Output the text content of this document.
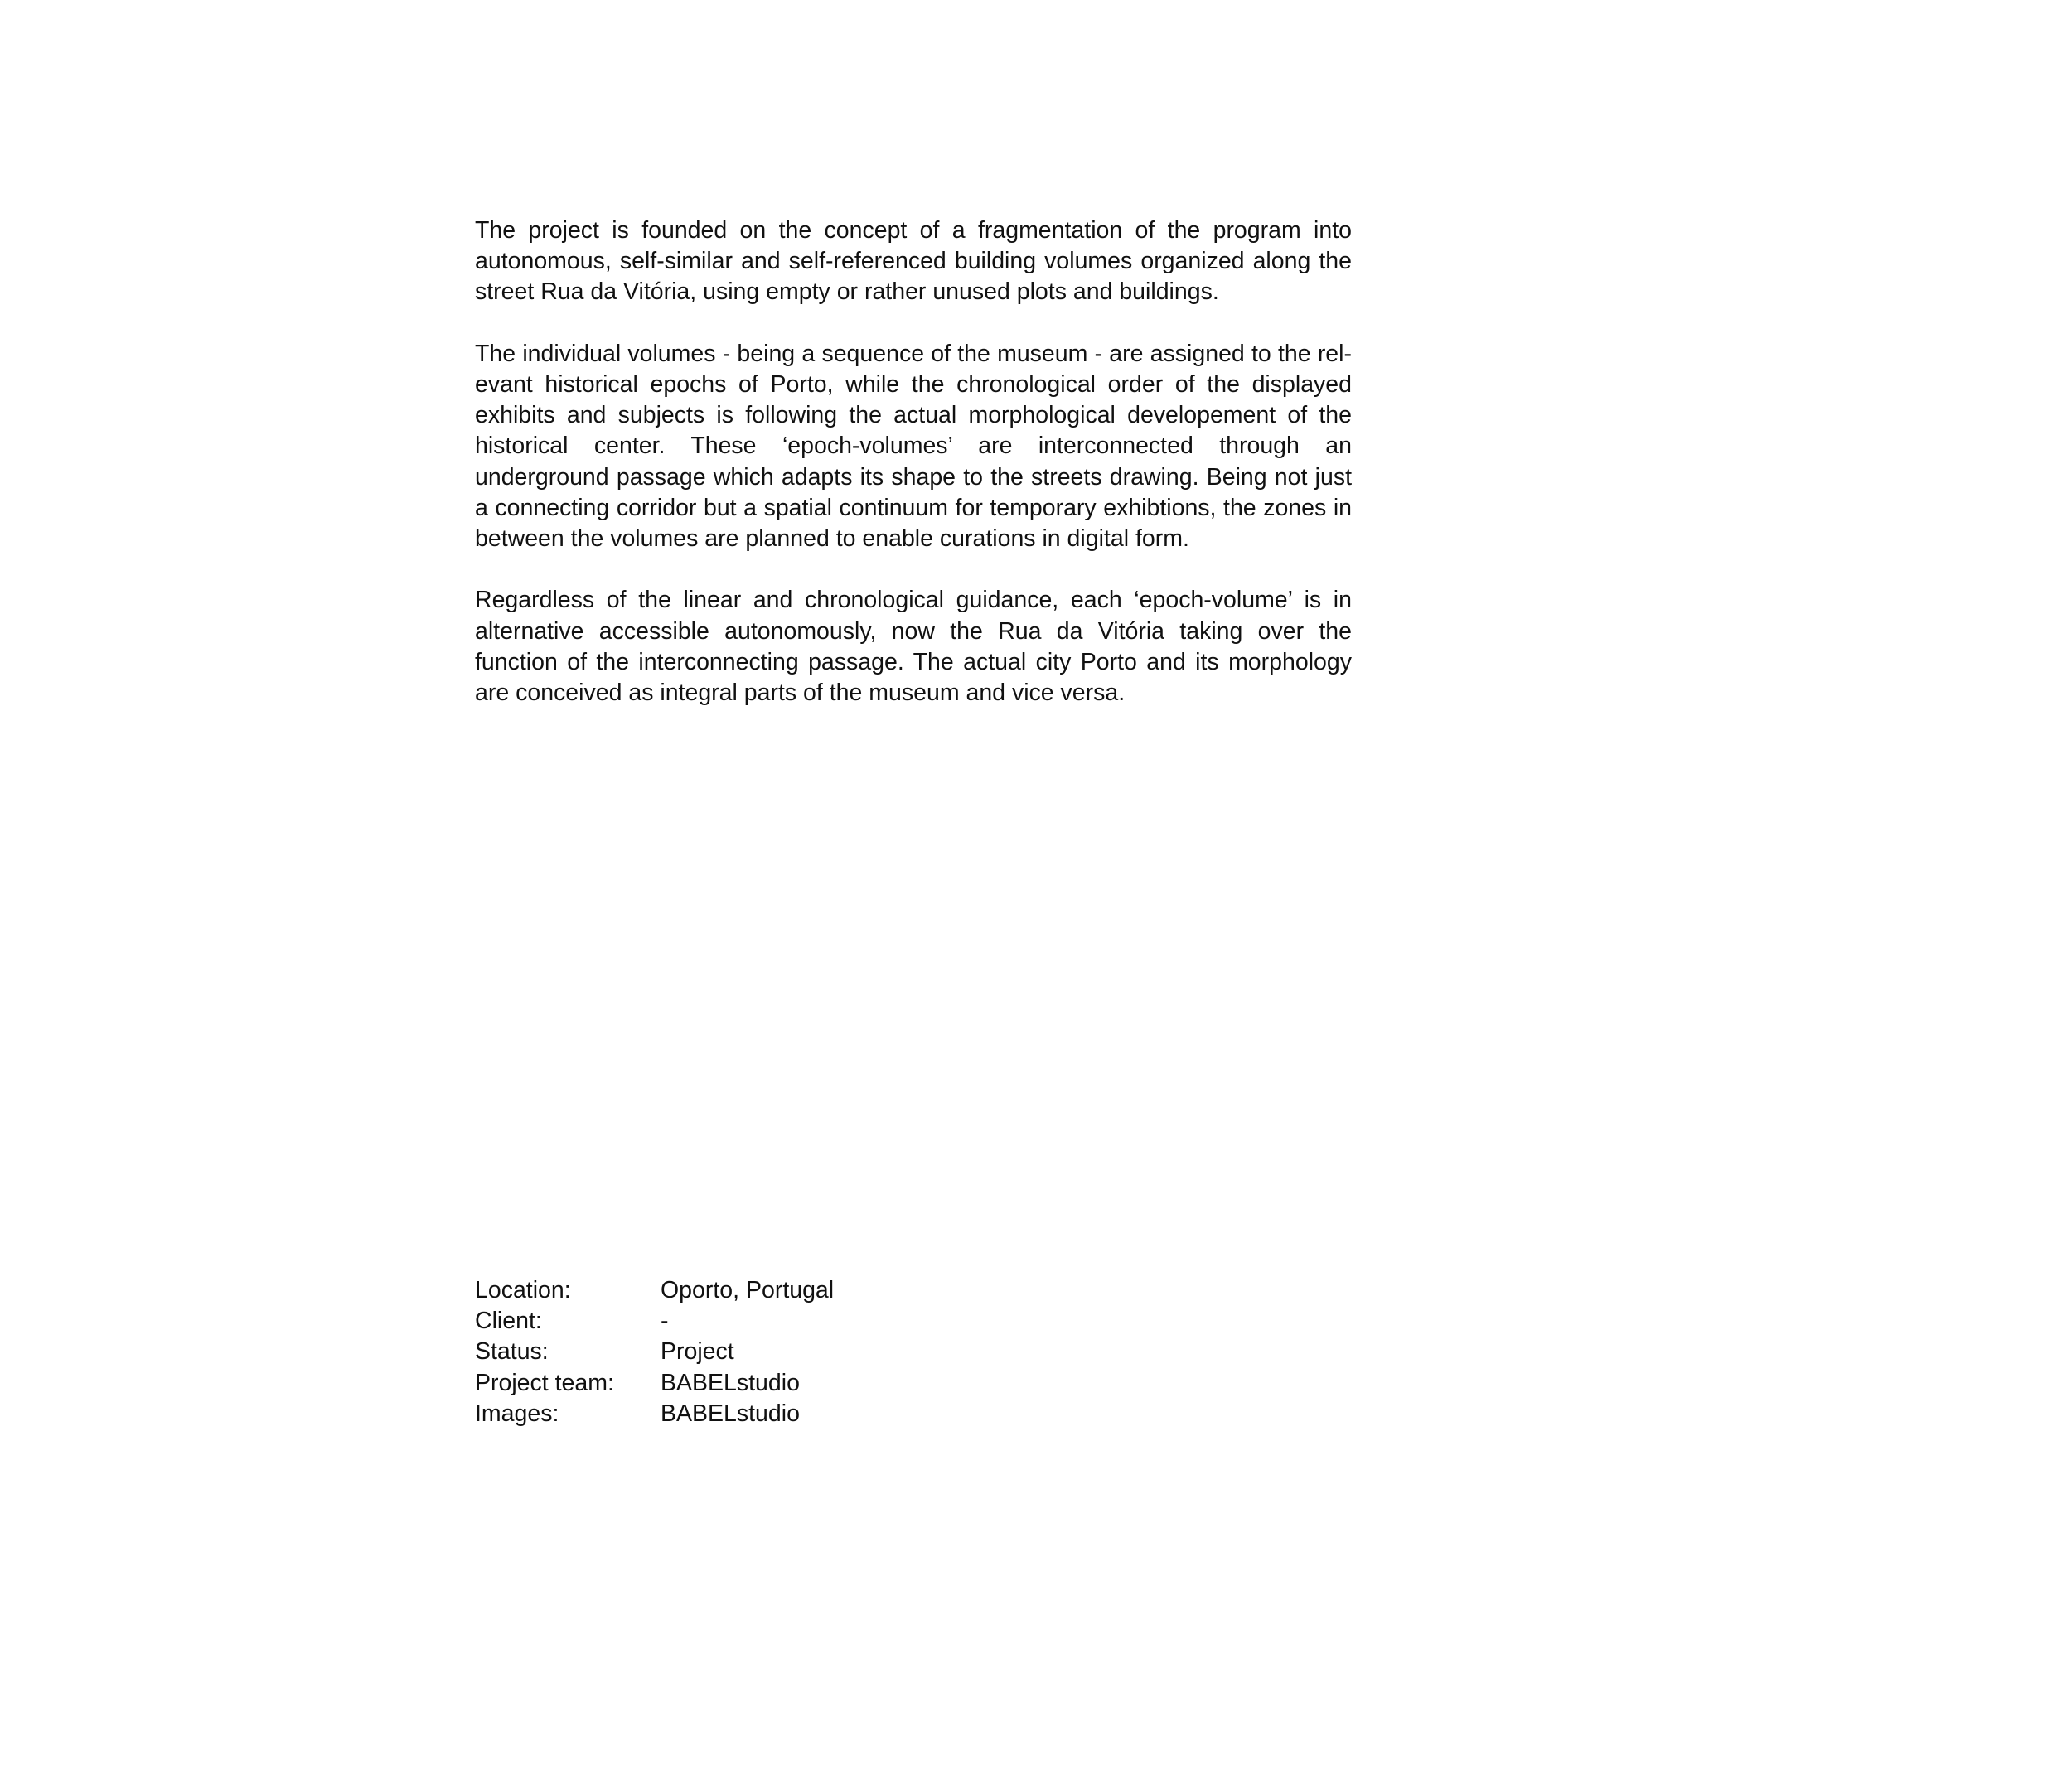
The project is founded on the concept of a fragmentation of the program into autonomous, self-similar and self-referenced building volumes organized along the street Rua da Vitória, using empty or rather unused plots and buildings.

The individual volumes - being a sequence of the museum - are assigned to the relevant historical epochs of Porto, while the chronological order of the displayed exhibits and subjects is following the actual morphological developement of the historical center. These ‘epoch-volumes’ are interconnected through an underground passage which adapts its shape to the streets drawing. Being not just a connecting corridor but a spatial continuum for temporary exhibtions, the zones in between the volumes are planned to enable curations in digital form.

Regardless of the linear and chronological guidance, each ‘epoch-volume’ is in alternative accessible autonomously, now the Rua da Vitória taking over the function of the interconnecting passage. The actual city Porto and its morphology are conceived as integral parts of the museum and vice versa.

Location:	Oporto, Portugal
Client:	-
Status:	Project
Project team:	BABELstudio
Images:	BABELstudio
